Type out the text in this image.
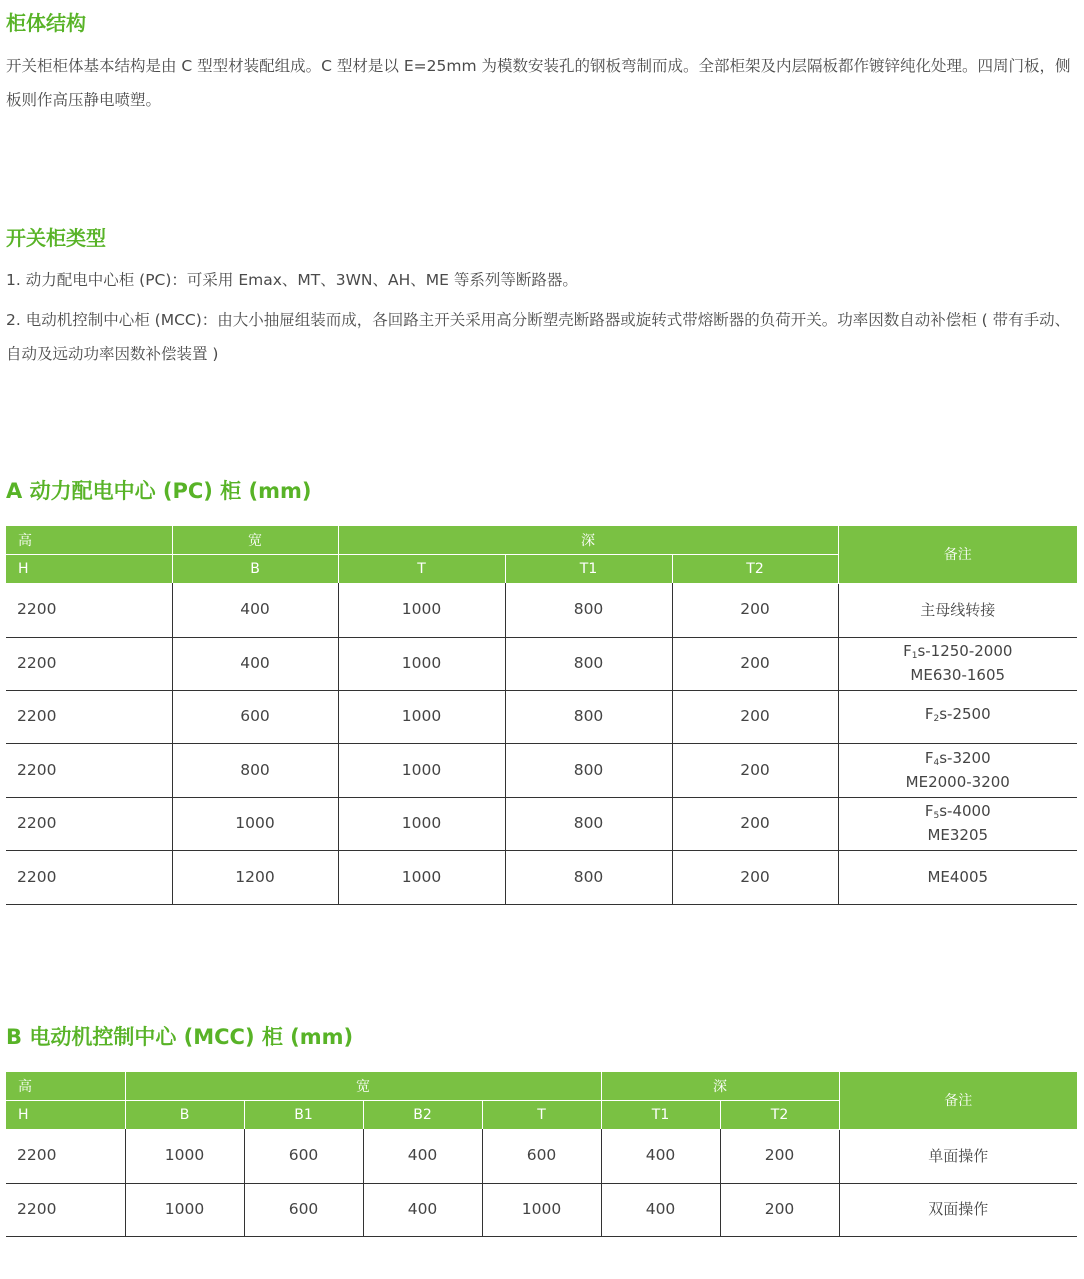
柜体结构

开关柜柜体基本结构是由 C 型型材装配组成。C 型材是以 E=25mm 为模数安装孔的钢板弯制而成。全部柜架及内层隔板都作镀锌纯化处理。四周门板，侧板则作高压静电喷塑。

开关柜类型

1. 动力配电中心柜 (PC)：可采用 Emax、MT、3WN、AH、ME 等系列等断路器。

2. 电动机控制中心柜 (MCC)：由大小抽屉组装而成，各回路主开关采用高分断塑壳断路器或旋转式带熔断器的负荷开关。功率因数自动补偿柜 ( 带有手动、自动及远动功率因数补偿装置 )

A 动力配电中心 (PC) 柜 (mm)
高	宽	深			备注
H	B	T	T1	T2	
2200	400	1000	800	200	主母线转接
2200	400	1000	800	200	$F_1s-1250-2000$
ME630-1605

2200	600	1000	800	200	$F_2s-2500$

2200	800	1000	800	200	$F_4s-3200$
ME2000-3200

2200	1000	1000	800	200	$F_5s-4000$
ME3205

2200	1200	1000	800	200	ME4005
B 电动机控制中心 (MCC) 柜 (mm)
高	宽				深		备注
H	B	B1	B2	T	T1	T2	
2200	1000	600	400	600	400	200	单面操作
2200	1000	600	400	1000	400	200	双面操作
